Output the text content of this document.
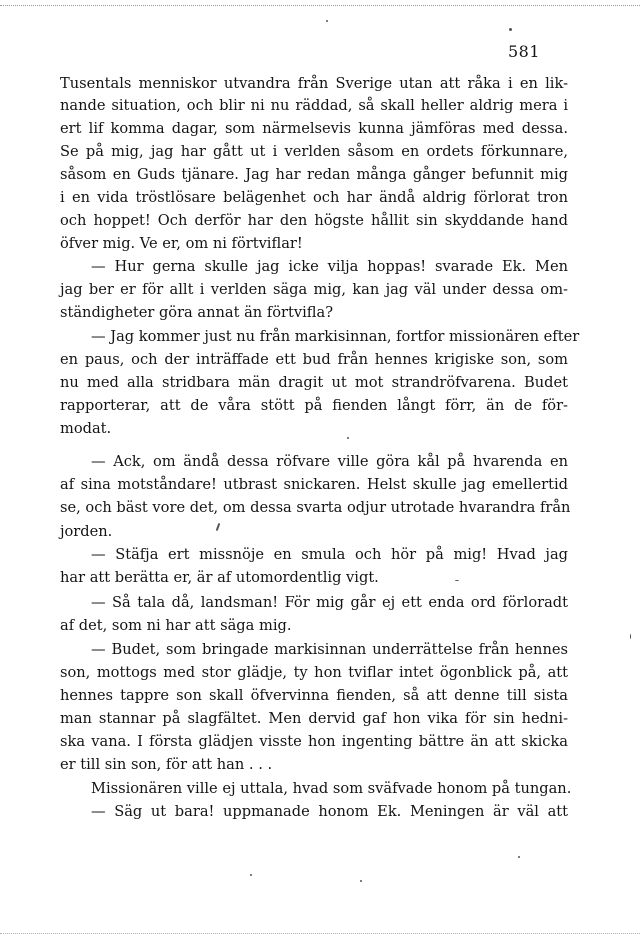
581
Tusentals menniskor utvandra från Sverige utan att råka i en lik-
nande situation, och blir ni nu räddad, så skall heller aldrig mera i
ert lif komma dagar, som närmelsevis kunna jämföras med dessa.
Se på mig, jag har gått ut i verlden såsom en ordets förkunnare,
såsom en Guds tjänare. Jag har redan många gånger befunnit mig
i en vida tröstlösare belägenhet och har ändå aldrig förlorat tron
och hoppet! Och derför har den högste hållit sin skyddande hand
öfver mig. Ve er, om ni förtviflar!
— Hur gerna skulle jag icke vilja hoppas! svarade Ek. Men
jag ber er för allt i verlden säga mig, kan jag väl under dessa om-
ständigheter göra annat än förtvifla?
— Jag kommer just nu från markisinnan, fortfor missionären efter
en paus, och der inträffade ett bud från hennes krigiske son, som
nu med alla stridbara män dragit ut mot strandröfvarena. Budet
rapporterar, att de våra stött på fienden långt förr, än de för-
modat.
— Ack, om ändå dessa röfvare ville göra kål på hvarenda en
af sina motståndare! utbrast snickaren. Helst skulle jag emellertid
se, och bäst vore det, om dessa svarta odjur utrotade hvarandra från
jorden.
— Stäfja ert missnöje en smula och hör på mig! Hvad jag
har att berätta er, är af utomordentlig vigt.
— Så tala då, landsman! För mig går ej ett enda ord förloradt
af det, som ni har att säga mig.
— Budet, som bringade markisinnan underrättelse från hennes
son, mottogs med stor glädje, ty hon tviflar intet ögonblick på, att
hennes tappre son skall öfvervinna fienden, så att denne till sista
man stannar på slagfältet. Men dervid gaf hon vika för sin hedni-
ska vana. I första glädjen visste hon ingenting bättre än att skicka
er till sin son, för att han . . .
Missionären ville ej uttala, hvad som sväfvade honom på tungan.
— Säg ut bara! uppmanade honom Ek. Meningen är väl att
